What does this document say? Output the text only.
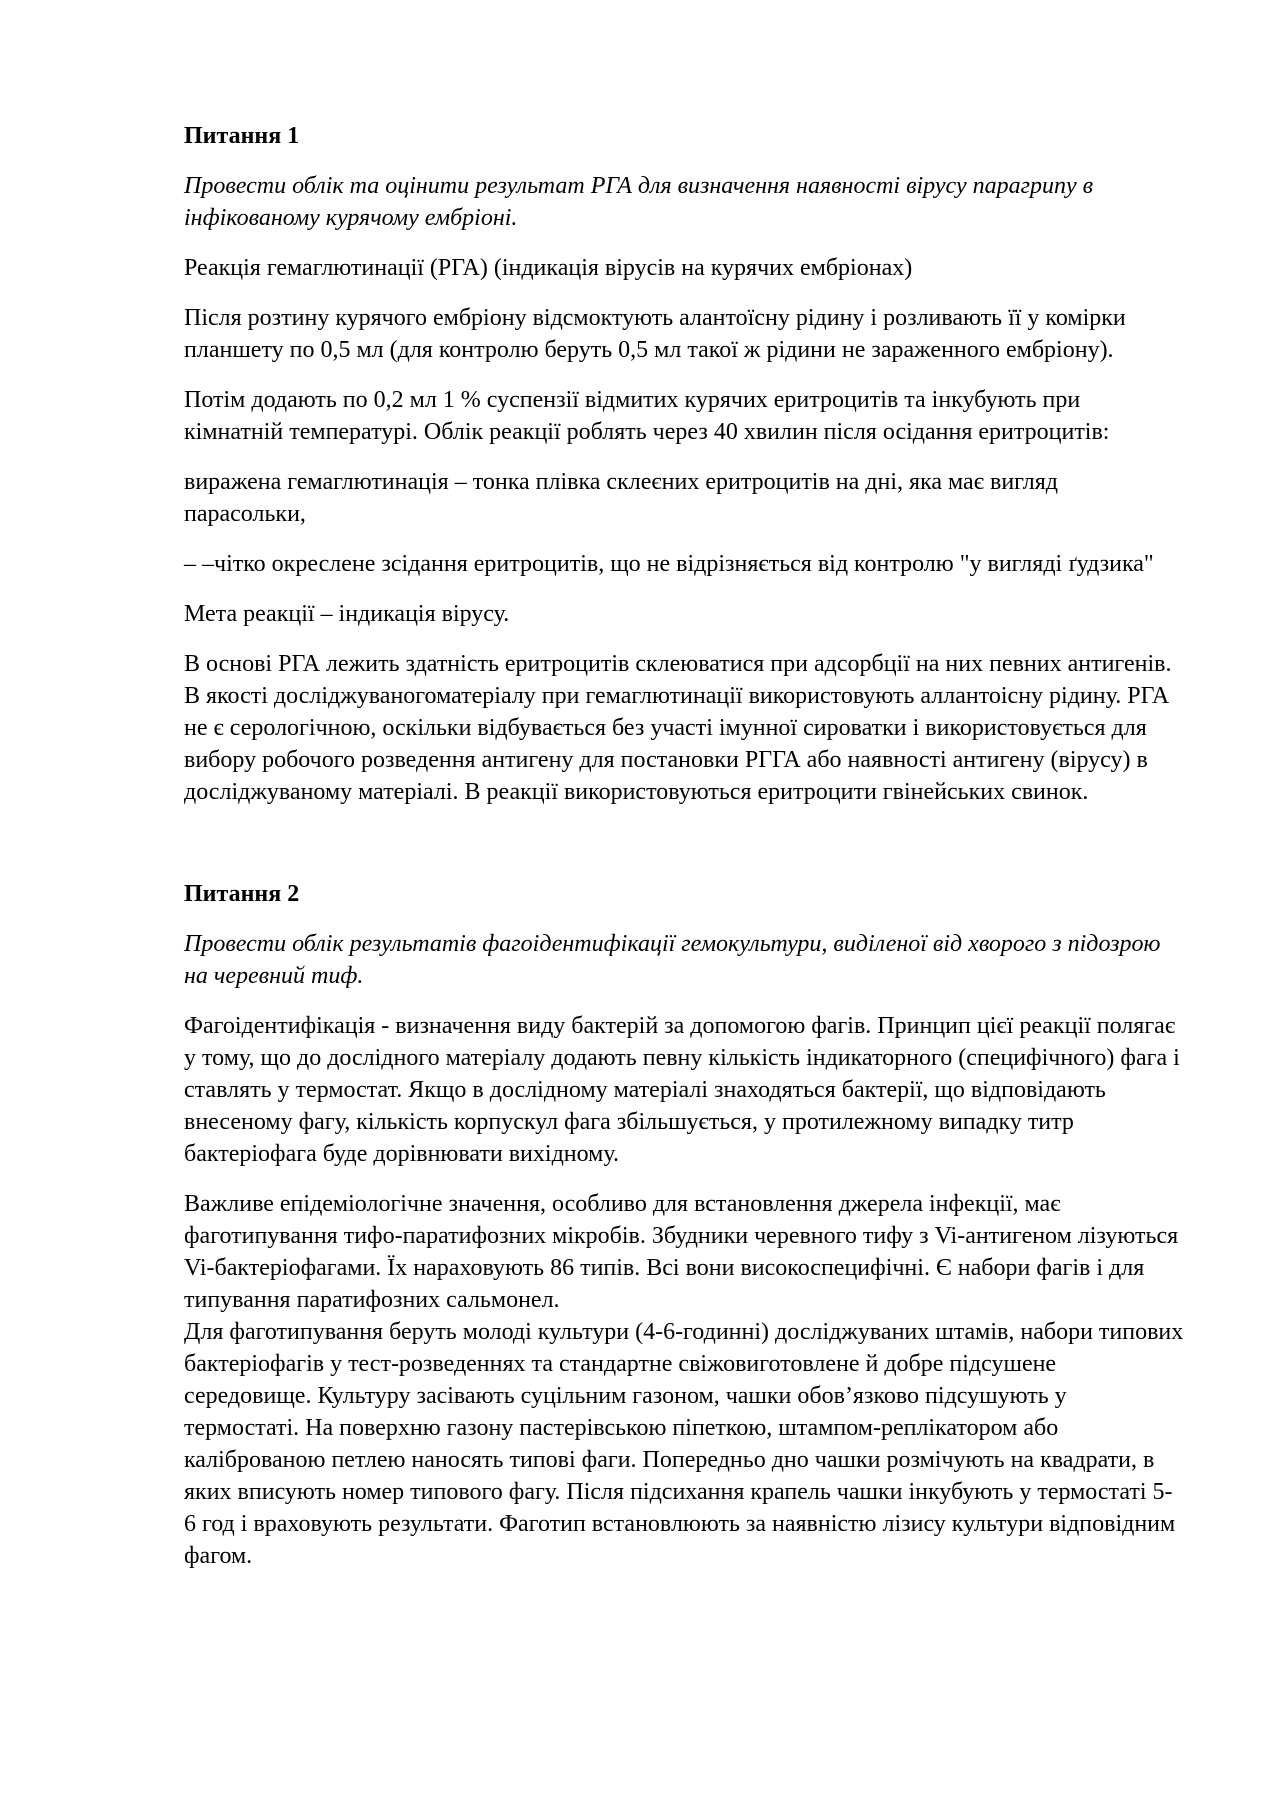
Питання 1

Провести облік та оцінити результат РГА для визначення наявності вірусу парагрипу в інфікованому курячому ембріоні.

Реакція гемаглютинації (РГА) (індикація вірусів на курячих ембріонах)

Після розтину курячого ембріону відсмоктують алантоїсну рідину і розливають її у комірки планшету по 0,5 мл (для контролю беруть 0,5 мл такої ж рідини не зараженного ембріону).

Потім додають по 0,2 мл 1 % суспензії відмитих курячих еритроцитів та інкубують при кімнатній температурі. Облік реакції роблять через 40 хвилин після осідання еритроцитів:

виражена гемаглютинація – тонка плівка склеєних еритроцитів на дні, яка має вигляд парасольки,

– –чітко окреслене зсідання еритроцитів, що не відрізняється від контролю "у вигляді ґудзика"

Мета реакції – індикація вірусу.

В основі РГА лежить здатність еритроцитів склеюватися при адсорбції на них певних антигенів. В якості досліджуваногоматеріалу при гемаглютинації використовують аллантоісну рідину. РГА не є серологічною, оскільки відбувається без участі імунної сироватки і використовується для вибору робочого розведення антигену для постановки РГГА або наявності антигену (вірусу) в досліджуваному матеріалі. В реакції використовуються еритроцити гвінейських свинок.

Питання 2

Провести облік результатів фагоідентифікації гемокультури, виділеної від хворого з підозрою на черевний тиф.

Фагоідентифікація - визначення виду бактерій за допомогою фагів. Принцип цієї реакції полягає у тому, що до дослідного матеріалу додають певну кількість індикаторного (специфічного) фага і ставлять у термостат. Якщо в дослідному матеріалі знаходяться бактерії, що відповідають внесеному фагу, кількість корпускул фага збільшується, у протилежному випадку титр бактеріофага буде дорівнювати вихідному.

Важливе епідеміологічне значення, особливо для встановлення джерела інфекції, має фаготипування тифо-паратифозних мікробів. Збудники черевного тифу з Vi-антигеном лізуються Vi-бактеріофагами. Їх нараховують 86 типів. Всі вони високоспецифічні. Є набори фагів і для типування паратифозних сальмонел.

Для фаготипування беруть молоді культури (4-6-годинні) досліджуваних штамів, набори типових бактеріофагів у тест-розведеннях та стандартне свіжовиготовлене й добре підсушене середовище. Культуру засівають суцільним газоном, чашки обов’язково підсушують у термостаті. На поверхню газону пастерівською піпеткою, штампом-реплікатором або каліброваною петлею наносять типові фаги. Попередньо дно чашки розмічують на квадрати, в яких вписують номер типового фагу. Після підсихання крапель чашки інкубують у термостаті 5-6 год і враховують результати. Фаготип встановлюють за наявністю лізису культури відповідним фагом.
